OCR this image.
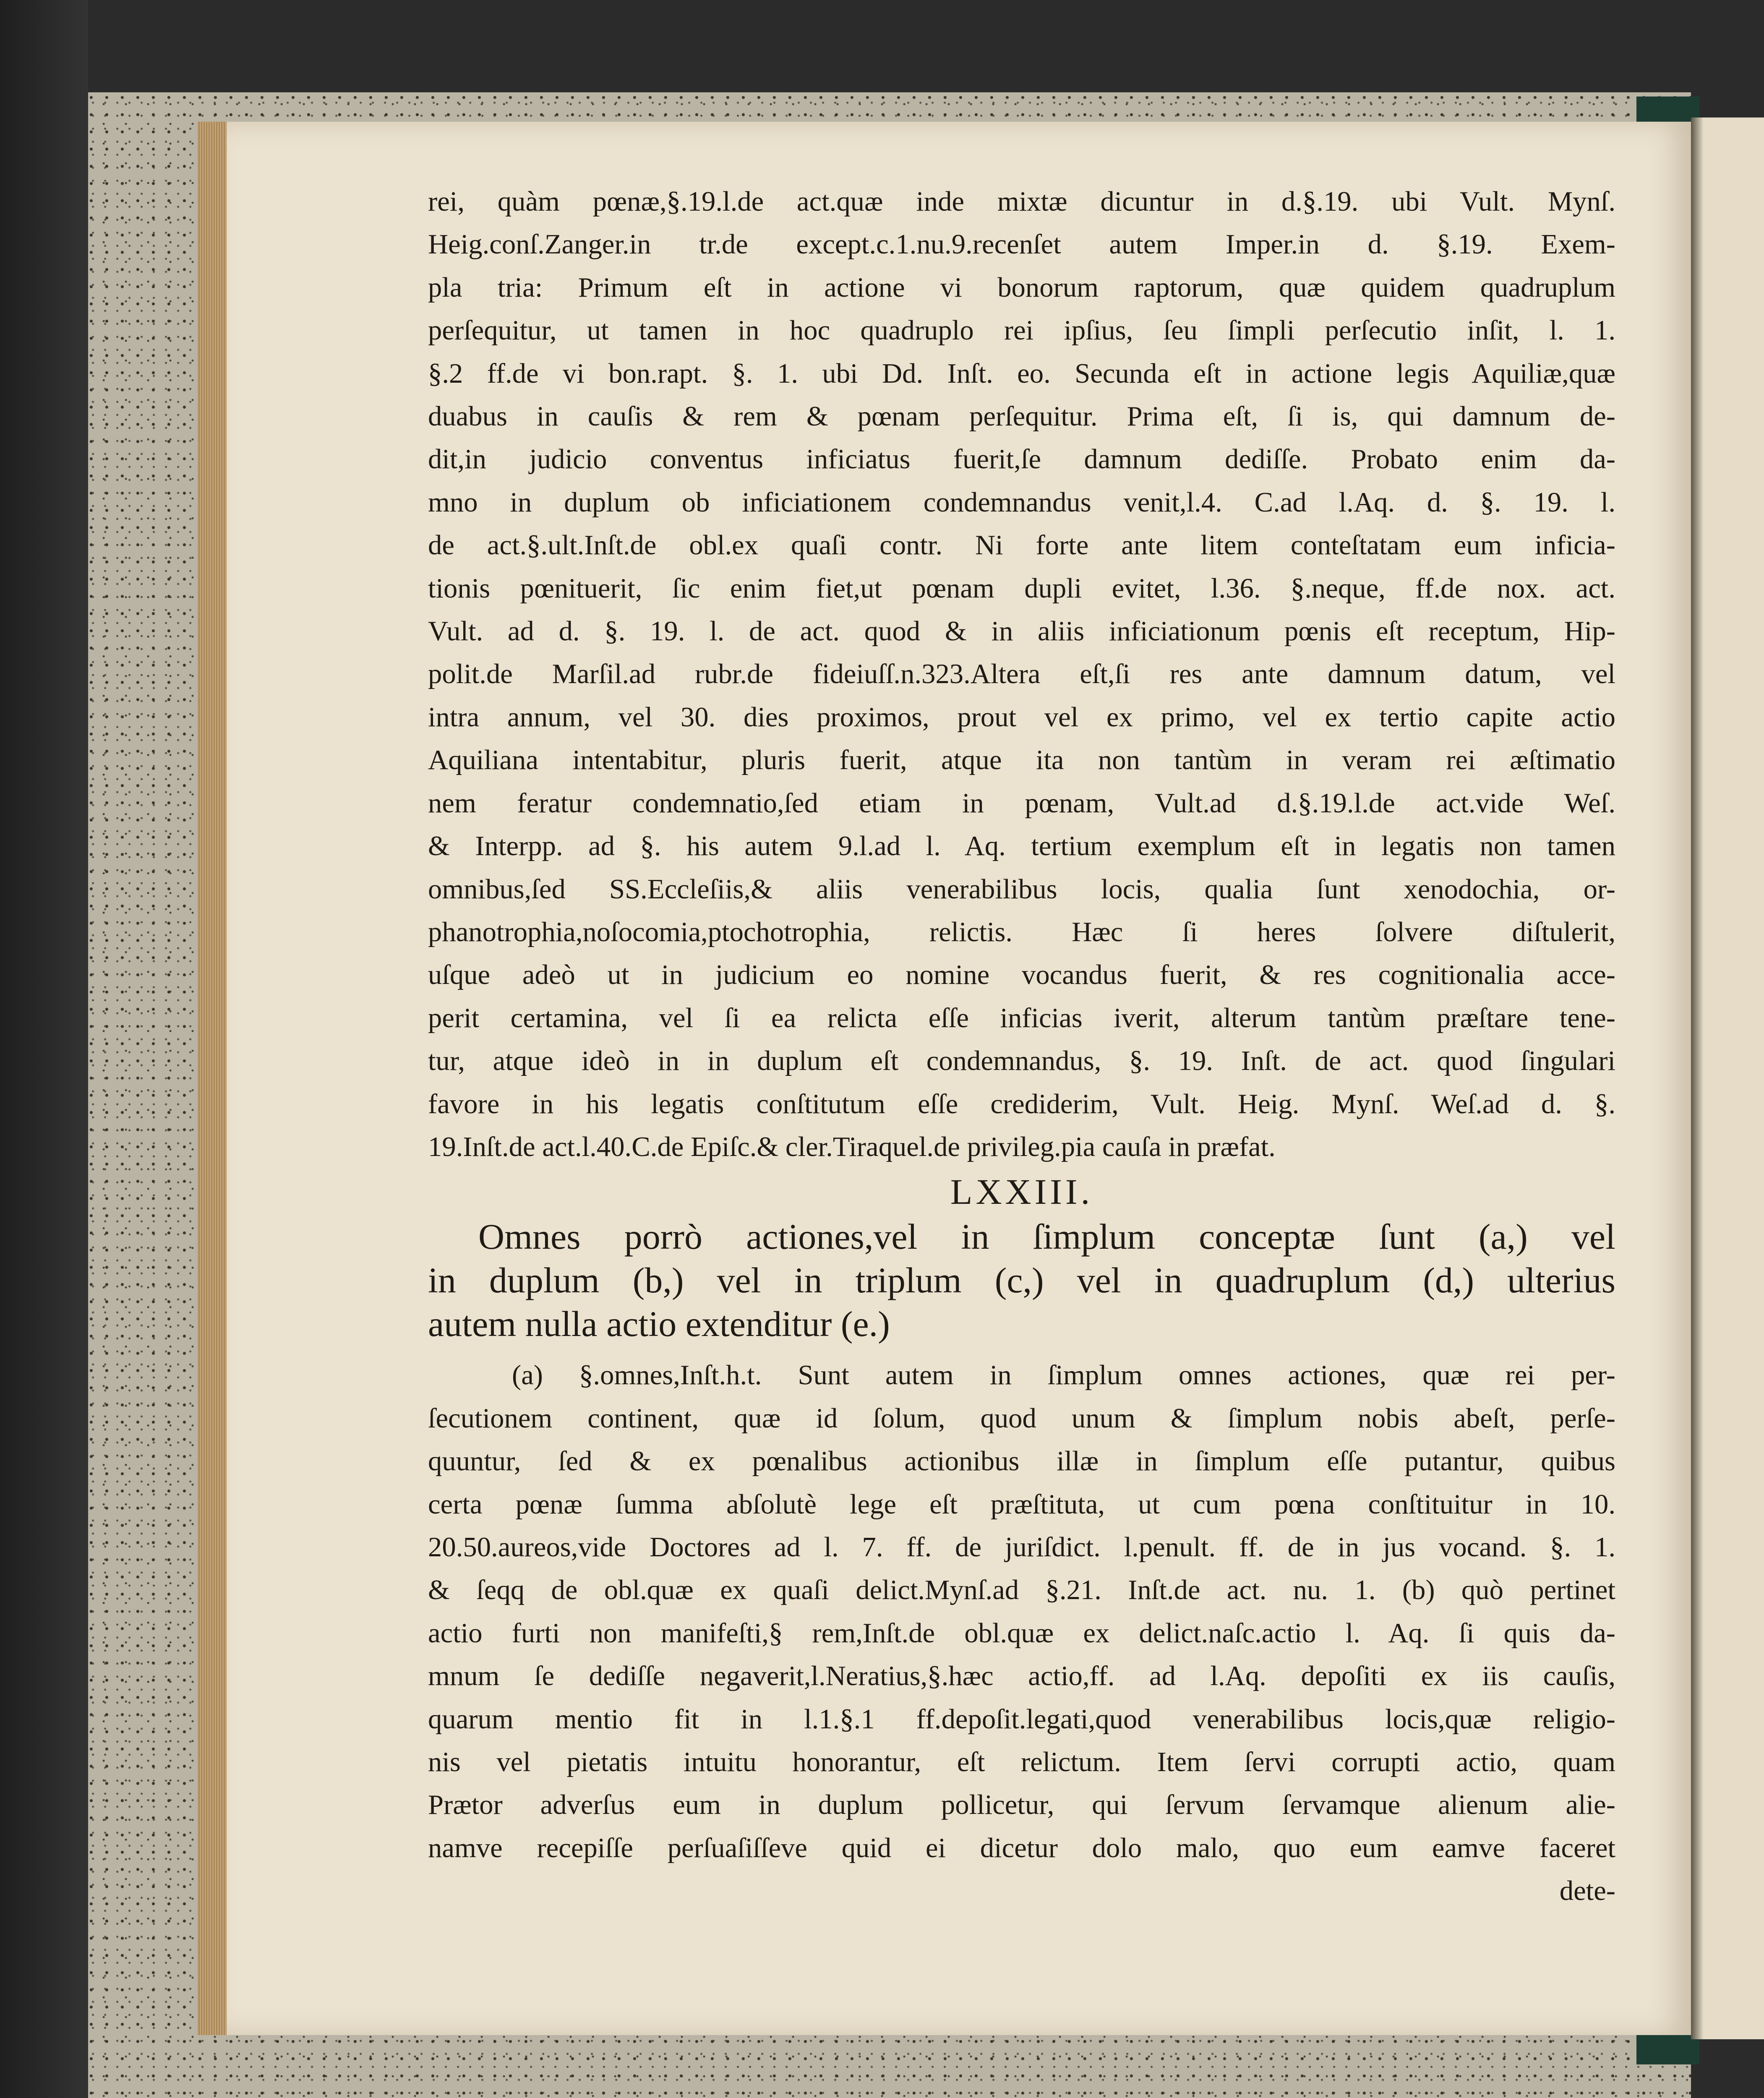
rei, quàm pœnæ,§.19.l.de act.quæ inde mixtæ dicuntur in d.§.19. ubi Vult. Mynſ.
Heig.conſ.Zanger.in tr.de except.c.1.nu.9.recenſet autem Imper.in d. §.19. Exem-
pla tria: Primum eſt in actione vi bonorum raptorum, quæ quidem quadruplum
perſequitur, ut tamen in hoc quadruplo rei ipſius, ſeu ſimpli perſecutio inſit, l. 1.
§.2 ff.de vi bon.rapt. §. 1. ubi Dd. Inſt. eo. Secunda eſt in actione legis Aquiliæ,quæ
duabus in cauſis & rem & pœnam perſequitur. Prima eſt, ſi is, qui damnum de-
dit,in judicio conventus inficiatus fuerit,ſe damnum dediſſe. Probato enim da-
mno in duplum ob inficiationem condemnandus venit,l.4. C.ad l.Aq. d. §. 19. l.
de act.§.ult.Inſt.de obl.ex quaſi contr. Ni forte ante litem conteſtatam eum inficia-
tionis pœnituerit, ſic enim fiet,ut pœnam dupli evitet, l.36. §.neque, ff.de nox. act.
Vult. ad d. §. 19. l. de act. quod & in aliis inficiationum pœnis eſt receptum, Hip-
polit.de Marſil.ad rubr.de fideiuſſ.n.323.Altera eſt,ſi res ante damnum datum, vel
intra annum, vel 30. dies proximos, prout vel ex primo, vel ex tertio capite actio
Aquiliana intentabitur, pluris fuerit, atque ita non tantùm in veram rei æſtimatio
nem feratur condemnatio,ſed etiam in pœnam, Vult.ad d.§.19.l.de act.vide Weſ.
& Interpp. ad §. his autem 9.l.ad l. Aq. tertium exemplum eſt in legatis non tamen
omnibus,ſed SS.Eccleſiis,& aliis venerabilibus locis, qualia ſunt xenodochia, or-
phanotrophia,noſocomia,ptochotrophia, relictis. Hæc ſi heres ſolvere diſtulerit,
uſque adeò ut in judicium eo nomine vocandus fuerit, & res cognitionalia acce-
perit certamina, vel ſi ea relicta eſſe inficias iverit, alterum tantùm præſtare tene-
tur, atque ideò in in duplum eſt condemnandus, §. 19. Inſt. de act. quod ſingulari
favore in his legatis conſtitutum eſſe crediderim, Vult. Heig. Mynſ. Weſ.ad d. §.
19.Inſt.de act.l.40.C.de Epiſc.& cler.Tiraquel.de privileg.pia cauſa in præfat.
LXXIII.
Omnes porrò actiones,vel in ſimplum conceptæ ſunt (a,) vel
in duplum (b,) vel in triplum (c,) vel in quadruplum (d,) ulterius
autem nulla actio extenditur (e.)
(a) §.omnes,Inſt.h.t. Sunt autem in ſimplum omnes actiones, quæ rei per-
ſecutionem continent, quæ id ſolum, quod unum & ſimplum nobis abeſt, perſe-
quuntur, ſed & ex pœnalibus actionibus illæ in ſimplum eſſe putantur, quibus
certa pœnæ ſumma abſolutè lege eſt præſtituta, ut cum pœna conſtituitur in 10.
20.50.aureos,vide Doctores ad l. 7. ff. de juriſdict. l.penult. ff. de in jus vocand. §. 1.
& ſeqq de obl.quæ ex quaſi delict.Mynſ.ad §.21. Inſt.de act. nu. 1. (b) quò pertinet
actio furti non manifeſti,§ rem,Inſt.de obl.quæ ex delict.naſc.actio l. Aq. ſi quis da-
mnum ſe dediſſe negaverit,l.Neratius,§.hæc actio,ff. ad l.Aq. depoſiti ex iis cauſis,
quarum mentio fit in l.1.§.1 ff.depoſit.legati,quod venerabilibus locis,quæ religio-
nis vel pietatis intuitu honorantur, eſt relictum. Item ſervi corrupti actio, quam
Prætor adverſus eum in duplum pollicetur, qui ſervum ſervamque alienum alie-
namve recepiſſe perſuaſiſſeve quid ei dicetur dolo malo, quo eum eamve faceret
dete-
